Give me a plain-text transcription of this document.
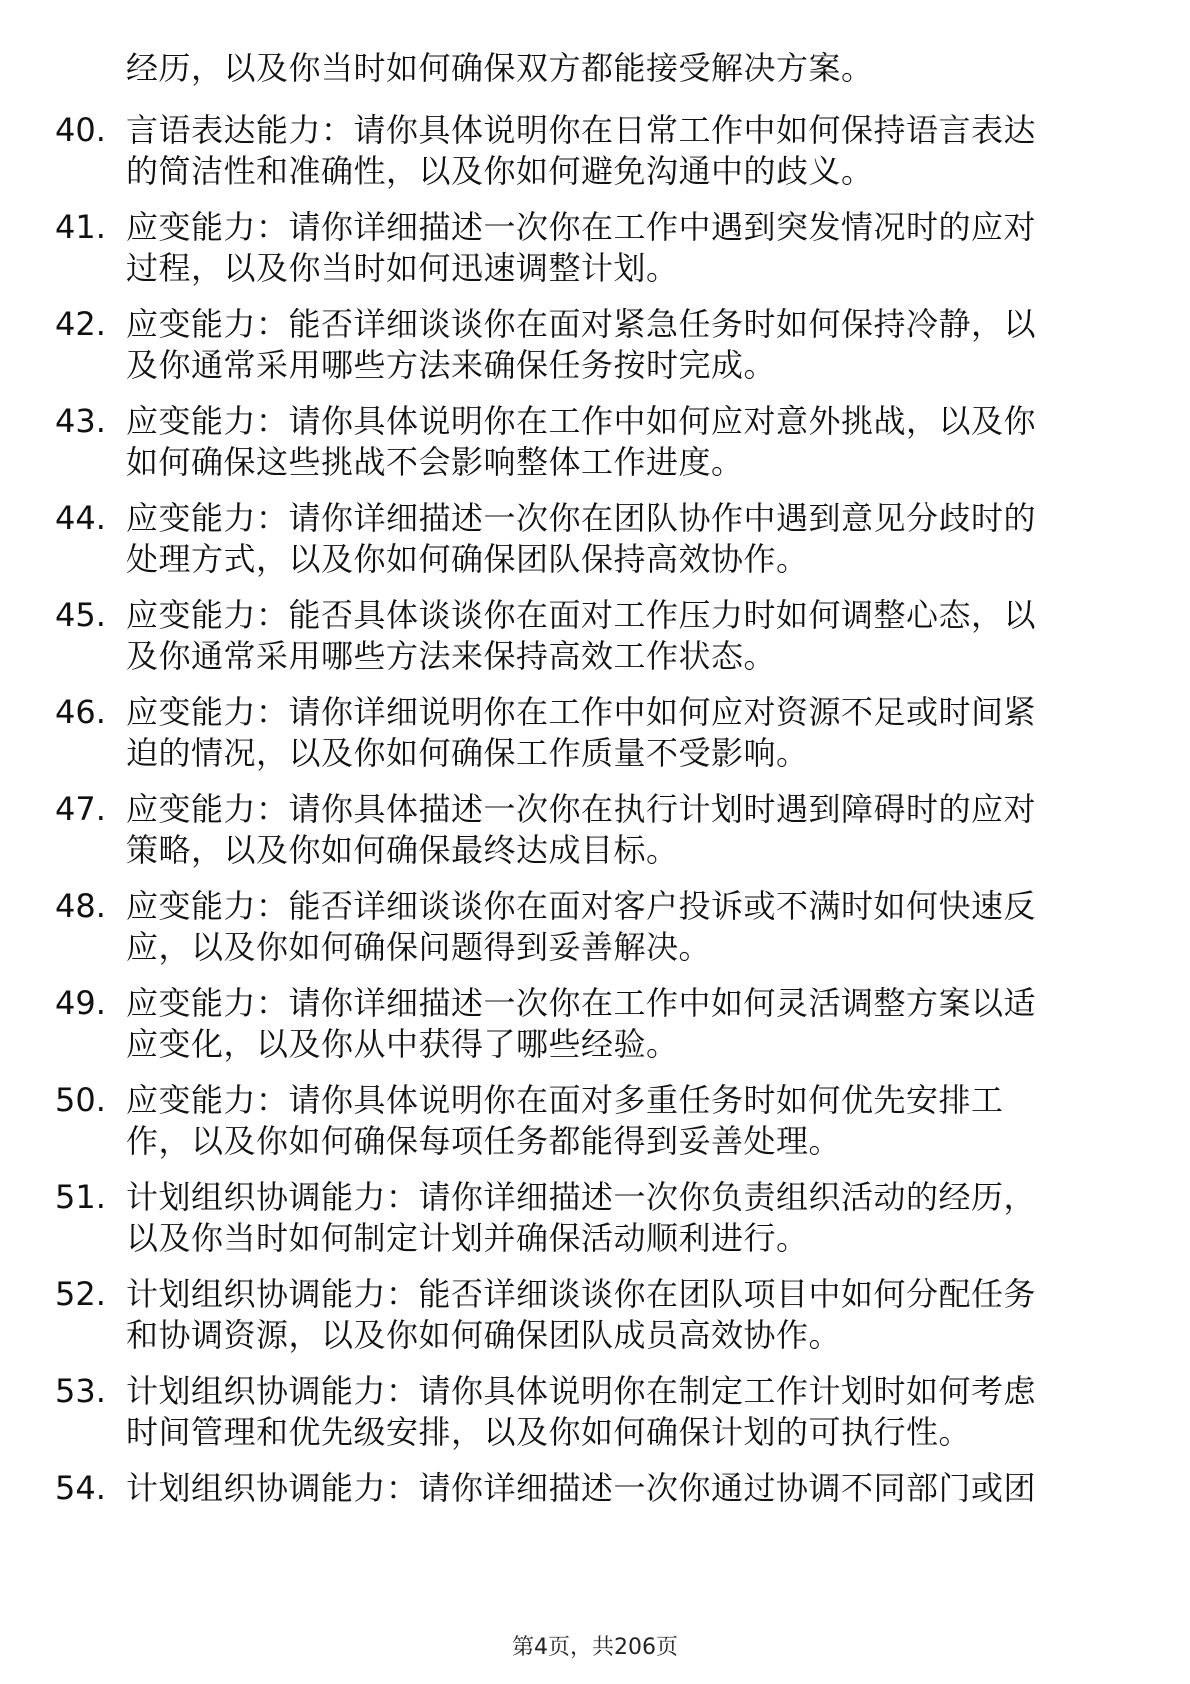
经历，以及你当时如何确保双方都能接受解决方案。
40. 言语表达能力：请你具体说明你在日常工作中如何保持语言表达
的简洁性和准确性，以及你如何避免沟通中的歧义。
41. 应变能力：请你详细描述一次你在工作中遇到突发情况时的应对
过程，以及你当时如何迅速调整计划。
42. 应变能力：能否详细谈谈你在面对紧急任务时如何保持冷静，以
及你通常采用哪些方法来确保任务按时完成。
43. 应变能力：请你具体说明你在工作中如何应对意外挑战，以及你
如何确保这些挑战不会影响整体工作进度。
44. 应变能力：请你详细描述一次你在团队协作中遇到意见分歧时的
处理方式，以及你如何确保团队保持高效协作。
45. 应变能力：能否具体谈谈你在面对工作压力时如何调整心态，以
及你通常采用哪些方法来保持高效工作状态。
46. 应变能力：请你详细说明你在工作中如何应对资源不足或时间紧
迫的情况，以及你如何确保工作质量不受影响。
47. 应变能力：请你具体描述一次你在执行计划时遇到障碍时的应对
策略，以及你如何确保最终达成目标。
48. 应变能力：能否详细谈谈你在面对客户投诉或不满时如何快速反
应，以及你如何确保问题得到妥善解决。
49. 应变能力：请你详细描述一次你在工作中如何灵活调整方案以适
应变化，以及你从中获得了哪些经验。
50. 应变能力：请你具体说明你在面对多重任务时如何优先安排工
作，以及你如何确保每项任务都能得到妥善处理。
51. 计划组织协调能力：请你详细描述一次你负责组织活动的经历，
以及你当时如何制定计划并确保活动顺利进行。
52. 计划组织协调能力：能否详细谈谈你在团队项目中如何分配任务
和协调资源，以及你如何确保团队成员高效协作。
53. 计划组织协调能力：请你具体说明你在制定工作计划时如何考虑
时间管理和优先级安排，以及你如何确保计划的可执行性。
54. 计划组织协调能力：请你详细描述一次你通过协调不同部门或团
第4页，共206页
